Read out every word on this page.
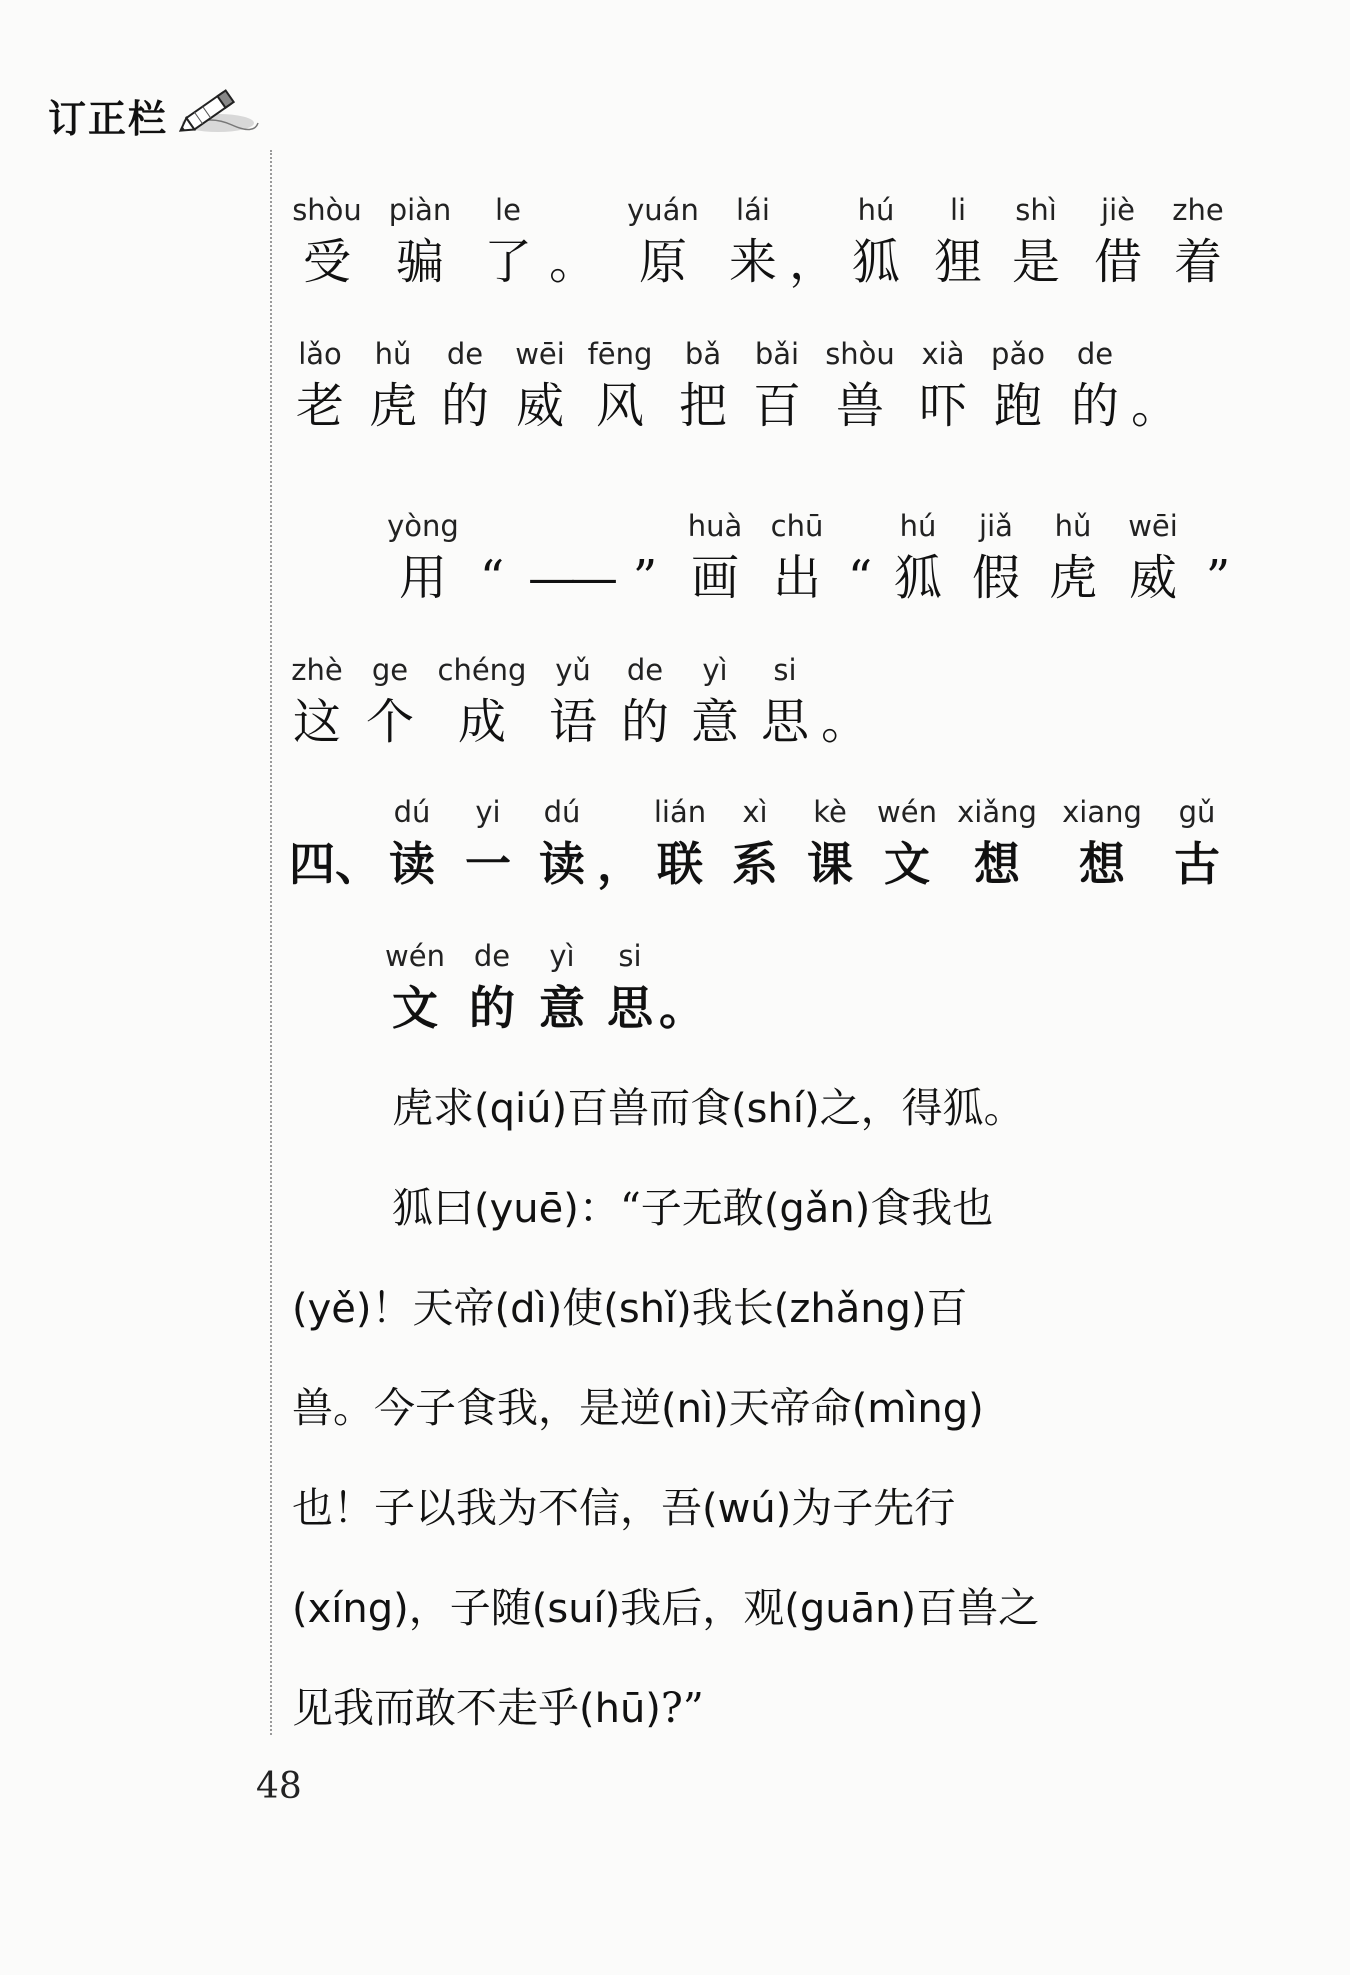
订正栏
shòu
受
piàn
骗
le
了 。
yuán
原
lái
来 ，
hú
狐
li
狸
shì
是
jiè
借
zhe
着
lǎo
老
hǔ
虎
de
的
wēi
威
fēng
风
bǎ
把
bǎi
百
shòu
兽
xià
吓
pǎo
跑
de
的 。
yòng
用 “ —— ”
huà
画
chū
出 “
hú
狐
jiǎ
假
hǔ
虎
wēi
威 ”
zhè
这
ge
个
chéng
成
yǔ
语
de
的
yì
意
si
思 。
四、
dú
读
yi
一
dú
读 ，
lián
联
xì
系
kè
课
wén
文
xiǎng
想
xiang
想
gǔ
古
wén
文
de
的
yì
意
si
思 。
虎求(qiú)百兽而食(shí)之，得狐。
狐曰(yuē)：“子无敢(gǎn)食我也
(yě)！天帝(dì)使(shǐ)我长(zhǎng)百
兽。今子食我，是逆(nì)天帝命(mìng)
也！子以我为不信，吾(wú)为子先行
(xíng)，子随(suí)我后，观(guān)百兽之
见我而敢不走乎(hū)?”
48
